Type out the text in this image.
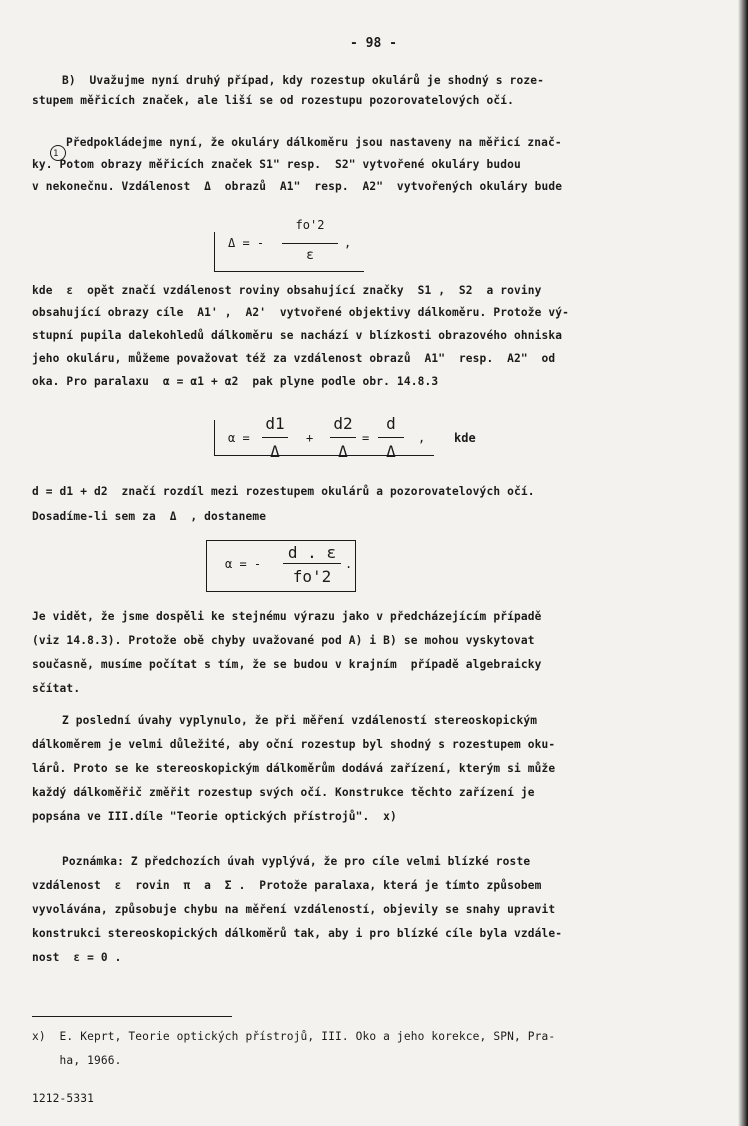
- 98 -
B)  Uvažujme nyní druhý případ, kdy rozestup okulárů je shodný s roze-
stupem měřicích značek, ale liší se od rozestupu pozorovatelových očí.
1
Předpokládejme nyní, že okuláry dálkoměru jsou nastaveny na měřicí znač-
ky. Potom obrazy měřicích značek S1" resp.  S2" vytvořené okuláry budou
v nekonečnu. Vzdálenost  Δ  obrazů  A1"  resp.  A2"  vytvořených okuláry bude
Δ = -
fo'2
ε
,
kde  ε  opět značí vzdálenost roviny obsahující značky  S1 ,  S2  a roviny
obsahující obrazy cíle  A1' ,  A2'  vytvořené objektivy dálkoměru. Protože vý-
stupní pupila dalekohledů dálkoměru se nachází v blízkosti obrazového ohniska
jeho okuláru, můžeme považovat též za vzdálenost obrazů  A1"  resp.  A2"  od
oka. Pro paralaxu  α = α1 + α2  pak plyne podle obr. 14.8.3
α =
d1
Δ
+
d2
Δ
=
d
Δ
, kde
d = d1 + d2  značí rozdíl mezi rozestupem okulárů a pozorovatelových očí.
Dosadíme-li sem za  Δ  , dostaneme
α = -
d . ε
fo'2
.
Je vidět, že jsme dospěli ke stejnému výrazu jako v předcházejícím případě
(viz 14.8.3). Protože obě chyby uvažované pod A) i B) se mohou vyskytovat
současně, musíme počítat s tím, že se budou v krajním  případě algebraicky
sčítat.
Z poslední úvahy vyplynulo, že při měření vzdáleností stereoskopickým
dálkoměrem je velmi důležité, aby oční rozestup byl shodný s rozestupem oku-
lárů. Proto se ke stereoskopickým dálkoměrům dodává zařízení, kterým si může
každý dálkoměřič změřit rozestup svých očí. Konstrukce těchto zařízení je
popsána ve III.díle "Teorie optických přístrojů".  x)
Poznámka: Z předchozích úvah vyplývá, že pro cíle velmi blízké roste
vzdálenost  ε  rovin  π  a  Σ .  Protože paralaxa, která je tímto způsobem
vyvolávána, způsobuje chybu na měření vzdáleností, objevily se snahy upravit
konstrukci stereoskopických dálkoměrů tak, aby i pro blízké cíle byla vzdále-
nost  ε = 0 .
x)  E. Keprt, Teorie optických přístrojů, III. Oko a jeho korekce, SPN, Pra-
ha, 1966.
1212-5331
